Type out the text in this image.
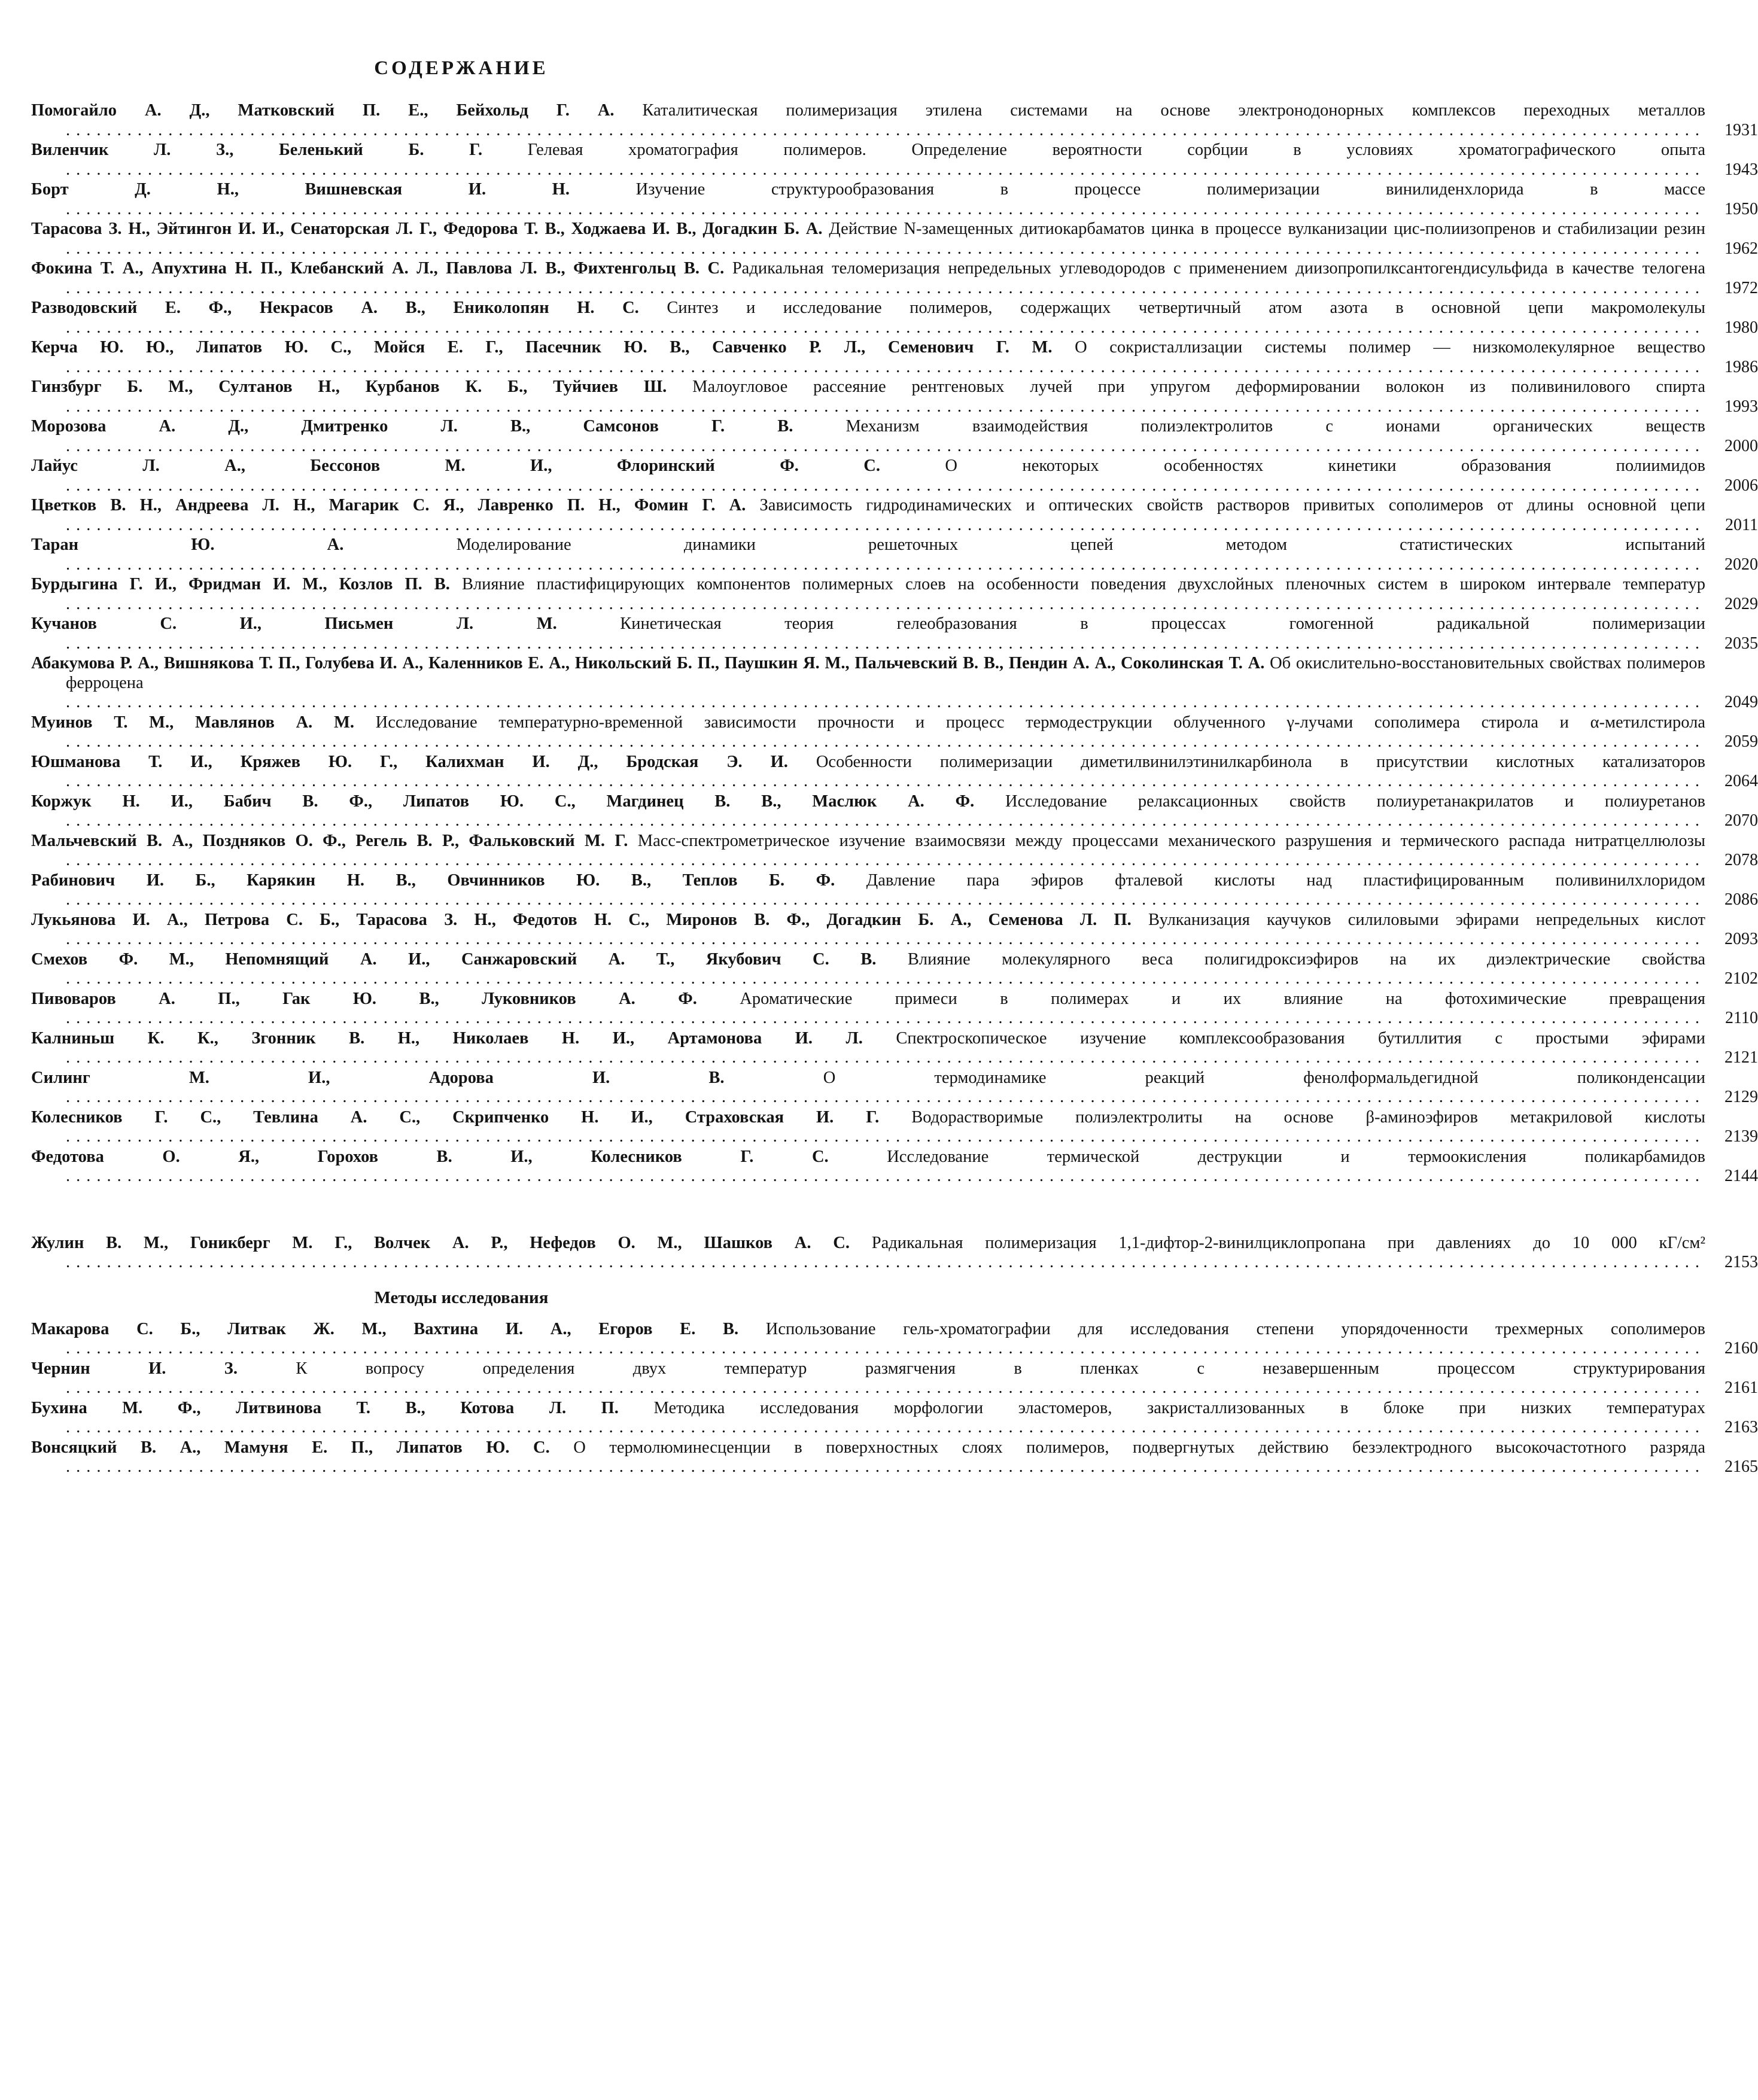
СОДЕРЖАНИЕ
Помогайло А. Д., Матковский П. Е., Бейхольд Г. А. Каталитическая полимеризация этилена системами на основе электронодонорных комплексов переходных металлов ................................................................................................................................................................	1931
Виленчик Л. З., Беленький Б. Г.	Гелевая хроматография полимеров. Определение вероятности сорбции в условиях хроматографического опыта ................................................................................................................................................................	1943
Борт Д. Н., Вишневская И. Н.	Изучение структурообразования в процессе полимеризации винилиденхлорида в массе ................................................................................................................................................................	1950
Тарасова З. Н., Эйтингон И. И., Сенаторская Л. Г., Федорова Т. В., Ходжаева И. В., Догадкин Б. А. Действие N-замещенных дитиокарбаматов цинка в процессе вулканизации цис-полиизопренов и стабилизации резин ................................................................................................................................................................	1962
Фокина Т. А., Апухтина Н. П., Клебанский А. Л., Павлова Л. В., Фихтенгольц В. С. Радикальная теломеризация непредельных углеводородов с применением диизопропилксантогендисульфида в качестве телогена ................................................................................................................................................................	1972
Разводовский Е. Ф., Некрасов А. В., Ениколопян Н. С. Синтез и исследование полимеров, содержащих четвертичный атом азота в основной цепи макромолекулы ................................................................................................................................................................	1980
Керча Ю. Ю., Липатов Ю. С., Мойся Е. Г., Пасечник Ю. В., Савченко Р. Л., Семенович Г. М. О сокристаллизации системы полимер — низкомолекулярное вещество ................................................................................................................................................................	1986
Гинзбург Б. М., Султанов Н., Курбанов К. Б., Туйчиев Ш. Малоугловое рассеяние рентгеновых лучей при упругом деформировании волокон из поливинилового спирта ................................................................................................................................................................	1993
Морозова А. Д., Дмитренко Л. В., Самсонов Г. В.	Механизм взаимодействия полиэлектролитов с ионами органических веществ ................................................................................................................................................................	2000
Лайус Л. А., Бессонов М. И., Флоринский Ф. С.	О некоторых особенностях кинетики образования полиимидов ................................................................................................................................................................	2006
Цветков В. Н., Андреева Л. Н., Магарик С. Я., Лавренко П. Н., Фомин Г. А. Зависимость гидродинамических и оптических свойств растворов привитых сополимеров от длины основной цепи ................................................................................................................................................................	2011
Таран Ю. А.	Моделирование динамики решеточных цепей методом статистических испытаний ................................................................................................................................................................	2020
Бурдыгина Г. И., Фридман И. М., Козлов П. В. Влияние пластифицирующих компонентов полимерных слоев на особенности поведения двухслойных пленочных систем в широком интервале температур ................................................................................................................................................................	2029
Кучанов С. И., Письмен Л. М.	Кинетическая теория гелеобразования в процессах гомогенной радикальной полимеризации ................................................................................................................................................................	2035
Абакумова Р. А., Вишнякова Т. П., Голубева И. А., Каленников Е. А., Никольский Б. П., Паушкин Я. М., Пальчевский В. В., Пендин А. А., Соколинская Т. А. Об окислительно-восстановительных свойствах полимеров ферроцена ................................................................................................................................................................	2049
Муинов Т. М., Мавлянов А. М. Исследование температурно-временной зависимости прочности и процесс термодеструкции облученного γ-лучами сополимера стирола и α-метилстирола ................................................................................................................................................................	2059
Юшманова Т. И., Кряжев Ю. Г., Калихман И. Д., Бродская Э. И. Особенности полимеризации диметилвинилэтинилкарбинола в присутствии кислотных катализаторов ................................................................................................................................................................	2064
Коржук Н. И., Бабич В. Ф., Липатов Ю. С., Магдинец В. В., Маслюк А. Ф. Исследование релаксационных свойств полиуретанакрилатов и полиуретанов ................................................................................................................................................................	2070
Мальчевский В. А., Поздняков О. Ф., Регель В. Р., Фальковский М. Г. Масс-спектрометрическое изучение взаимосвязи между процессами механического разрушения и термического распада нитратцеллюлозы ................................................................................................................................................................	2078
Рабинович И. Б., Карякин Н. В., Овчинников Ю. В., Теплов Б. Ф. Давление пара эфиров фталевой кислоты над пластифицированным поливинилхлоридом ................................................................................................................................................................	2086
Лукьянова И. А., Петрова С. Б., Тарасова З. Н., Федотов Н. С., Миронов В. Ф., Догадкин Б. А., Семенова Л. П. Вулканизация каучуков силиловыми эфирами непредельных кислот ................................................................................................................................................................	2093
Смехов Ф. М., Непомнящий А. И., Санжаровский А. Т., Якубович С. В. Влияние молекулярного веса полигидроксиэфиров на их диэлектрические свойства ................................................................................................................................................................	2102
Пивоваров А. П., Гак Ю. В., Луковников А. Ф.	Ароматические примеси в полимерах и их влияние на фотохимические превращения ................................................................................................................................................................	2110
Калниньш К. К., Згонник В. Н., Николаев Н. И., Артамонова И. Л. Спектроскопическое изучение комплексообразования бутиллития с простыми эфирами ................................................................................................................................................................	2121
Силинг М. И., Адорова И. В.	О термодинамике реакций фенолформальдегидной поликонденсации ................................................................................................................................................................	2129
Колесников Г. С., Тевлина А. С., Скрипченко Н. И., Страховская И. Г. Водорастворимые полиэлектролиты на основе β-аминоэфиров метакриловой кислоты ................................................................................................................................................................	2139
Федотова О. Я., Горохов В. И., Колесников Г. С.	Исследование термической деструкции и термоокисления поликарбамидов ................................................................................................................................................................	2144
Жулин В. М., Гоникберг М. Г., Волчек А. Р., Нефедов О. М., Шашков А. С. Радикальная полимеризация 1,1-дифтор-2-винилциклопропана при давлениях до 10 000 кГ/см² ................................................................................................................................................................	2153
Методы исследования
Макарова С. Б., Литвак Ж. М., Вахтина И. А., Егоров Е. В. Использование гель-хроматографии для исследования степени упорядоченности трехмерных сополимеров ................................................................................................................................................................	2160
Чернин И. З.	К вопросу определения двух температур размягчения в пленках с незавершенным процессом структурирования ................................................................................................................................................................	2161
Бухина М. Ф., Литвинова Т. В., Котова Л. П. Методика исследования морфологии эластомеров, закристаллизованных в блоке при низких температурах ................................................................................................................................................................	2163
Вонсяцкий В. А., Мамуня Е. П., Липатов Ю. С. О термолюминесценции в поверхностных слоях полимеров, подвергнутых действию безэлектродного высокочастотного разряда ................................................................................................................................................................	2165
